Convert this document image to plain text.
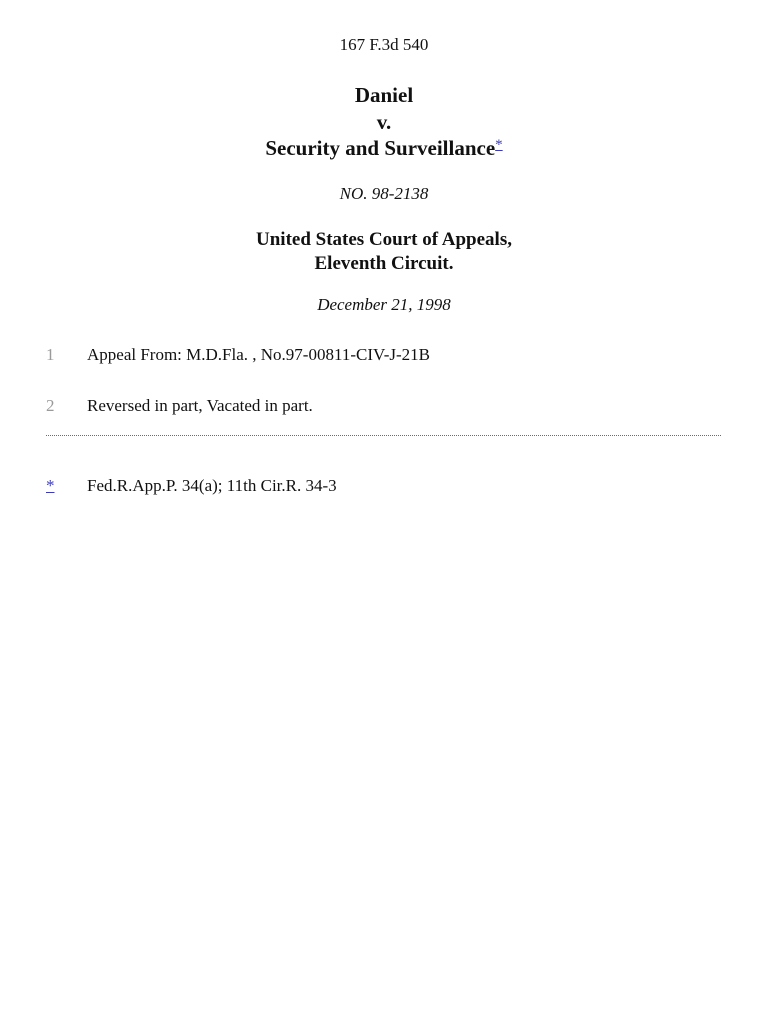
167 F.3d 540
Daniel
v.
Security and Surveillance*
NO. 98-2138
United States Court of Appeals,
Eleventh Circuit.
December 21, 1998
1 Appeal From: M.D.Fla. , No.97-00811-CIV-J-21B
2 Reversed in part, Vacated in part.
* Fed.R.App.P. 34(a); 11th Cir.R. 34-3
